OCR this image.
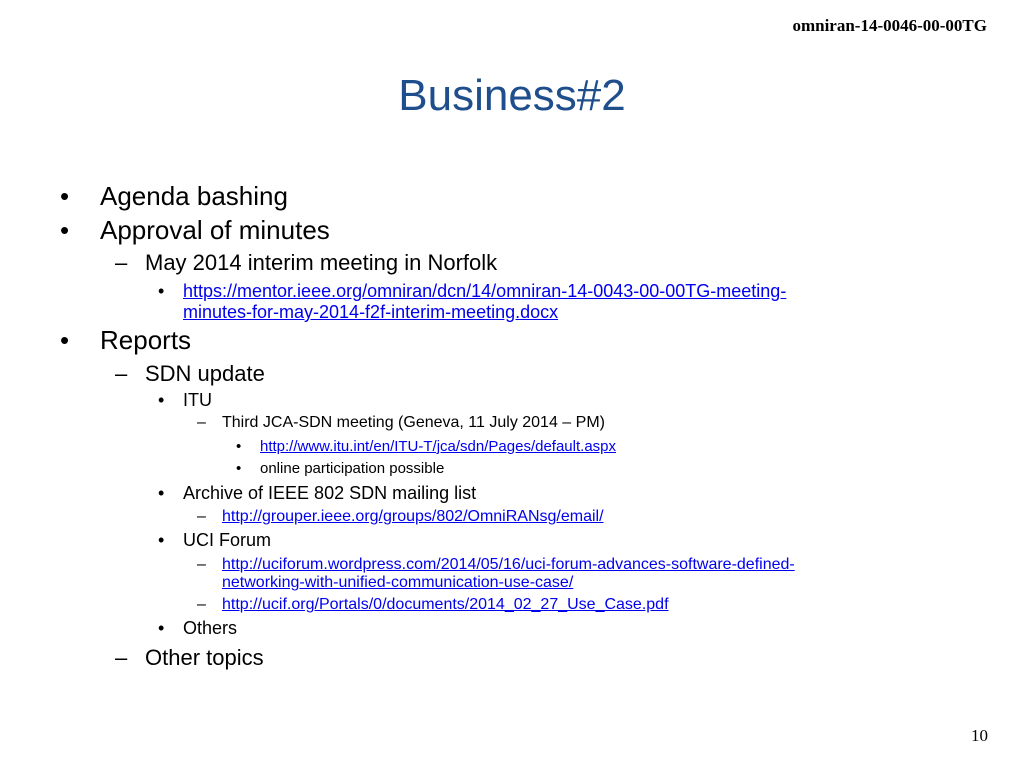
omniran-14-0046-00-00TG
Business#2
• Agenda bashing
• Approval of minutes
– May 2014 interim meeting in Norfolk
• https://mentor.ieee.org/omniran/dcn/14/omniran-14-0043-00-00TG-meeting-
minutes-for-may-2014-f2f-interim-meeting.docx
• Reports
– SDN update
• ITU
– Third JCA-SDN meeting (Geneva, 11 July 2014 – PM)
• http://www.itu.int/en/ITU-T/jca/sdn/Pages/default.aspx
• online participation possible
• Archive of IEEE 802 SDN mailing list
– http://grouper.ieee.org/groups/802/OmniRANsg/email/
• UCI Forum
– http://uciforum.wordpress.com/2014/05/16/uci-forum-advances-software-defined-
networking-with-unified-communication-use-case/
– http://ucif.org/Portals/0/documents/2014_02_27_Use_Case.pdf
• Others
– Other topics
10
